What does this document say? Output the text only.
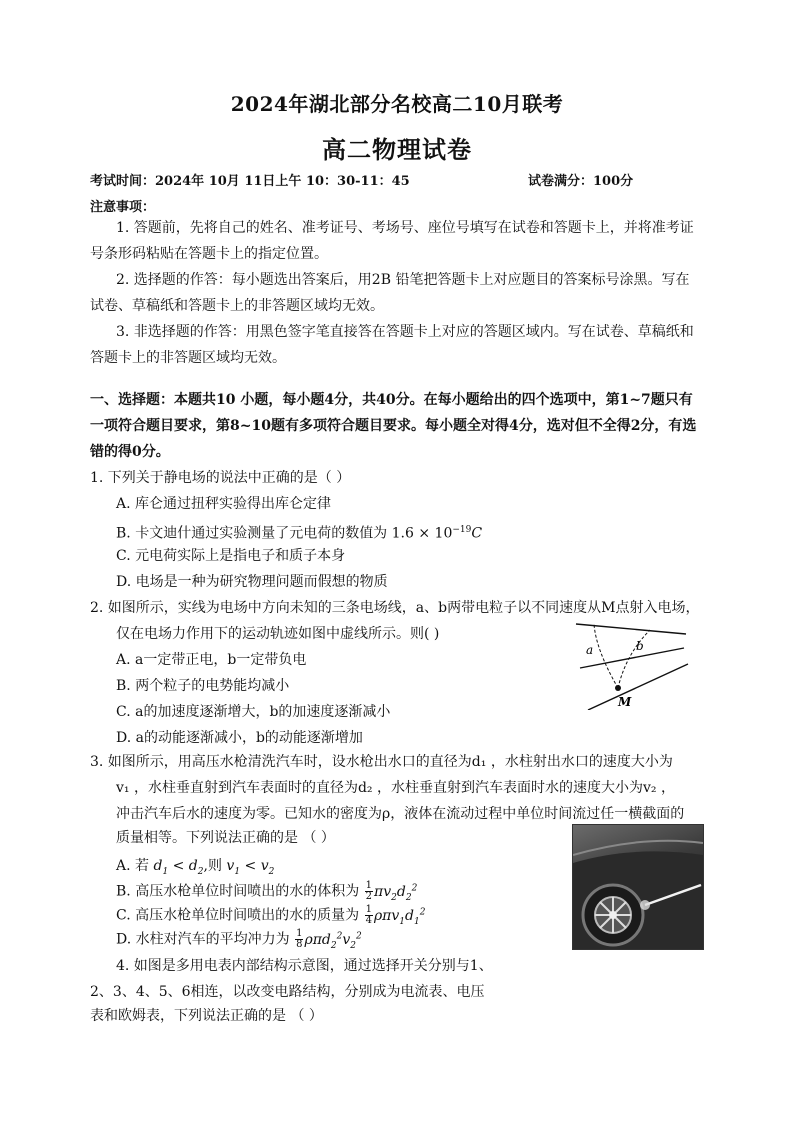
2024年湖北部分名校高二10月联考
高二物理试卷
考试时间：2024年 10月 11日上午 10：30-11：45	试卷满分：100分
注意事项：
1. 答题前，先将自己的姓名、准考证号、考场号、座位号填写在试卷和答题卡上，并将准考证
号条形码粘贴在答题卡上的指定位置。
2. 选择题的作答：每小题选出答案后，用2B 铅笔把答题卡上对应题目的答案标号涂黑。写在
试卷、草稿纸和答题卡上的非答题区域均无效。
3. 非选择题的作答：用黑色签字笔直接答在答题卡上对应的答题区域内。写在试卷、草稿纸和
答题卡上的非答题区域均无效。
一、选择题：本题共10 小题，每小题4分，共40分。在每小题给出的四个选项中，第1~7题只有
一项符合题目要求，第8~10题有多项符合题目要求。每小题全对得4分，选对但不全得2分，有选
错的得0分。
1. 下列关于静电场的说法中正确的是（ ）
A. 库仑通过扭秤实验得出库仑定律
B. 卡文迪什通过实验测量了元电荷的数值为 $1.6 \times 10^{-19}C$
C. 元电荷实际上是指电子和质子本身
D. 电场是一种为研究物理问题而假想的物质
2. 如图所示，实线为电场中方向未知的三条电场线，a、b两带电粒子以不同速度从M点射入电场，
仅在电场力作用下的运动轨迹如图中虚线所示。则( )
A. a一定带正电，b一定带负电
B. 两个粒子的电势能均减小
C. a的加速度逐渐增大，b的加速度逐渐减小
D. a的动能逐渐减小，b的动能逐渐增加
a	b
M
3. 如图所示，用高压水枪清洗汽车时，设水枪出水口的直径为d₁ ，水柱射出水口的速度大小为
v₁ ，水柱垂直射到汽车表面时的直径为d₂ ，水柱垂直射到汽车表面时水的速度大小为v₂ ，
冲击汽车后水的速度为零。已知水的密度为ρ，液体在流动过程中单位时间流过任一横截面的
质量相等。下列说法正确的是 （ ）
A. 若 $d_1 < d_2$,则 $v_1 < v_2$
B. 高压水枪单位时间喷出的水的体积为 $\frac{1}{2} \pi v_2d_2^2$
C. 高压水枪单位时间喷出的水的质量为 $\frac{1}{4} \rho\pi v_1d_1^2$
D. 水柱对汽车的平均冲力为 $\frac{1}{8} \rho\pi d_2^2v_2^2$
4. 如图是多用电表内部结构示意图，通过选择开关分别与1、
2、3、4、5、6相连，以改变电路结构，分别成为电流表、电压
表和欧姆表，下列说法正确的是 （ ）
